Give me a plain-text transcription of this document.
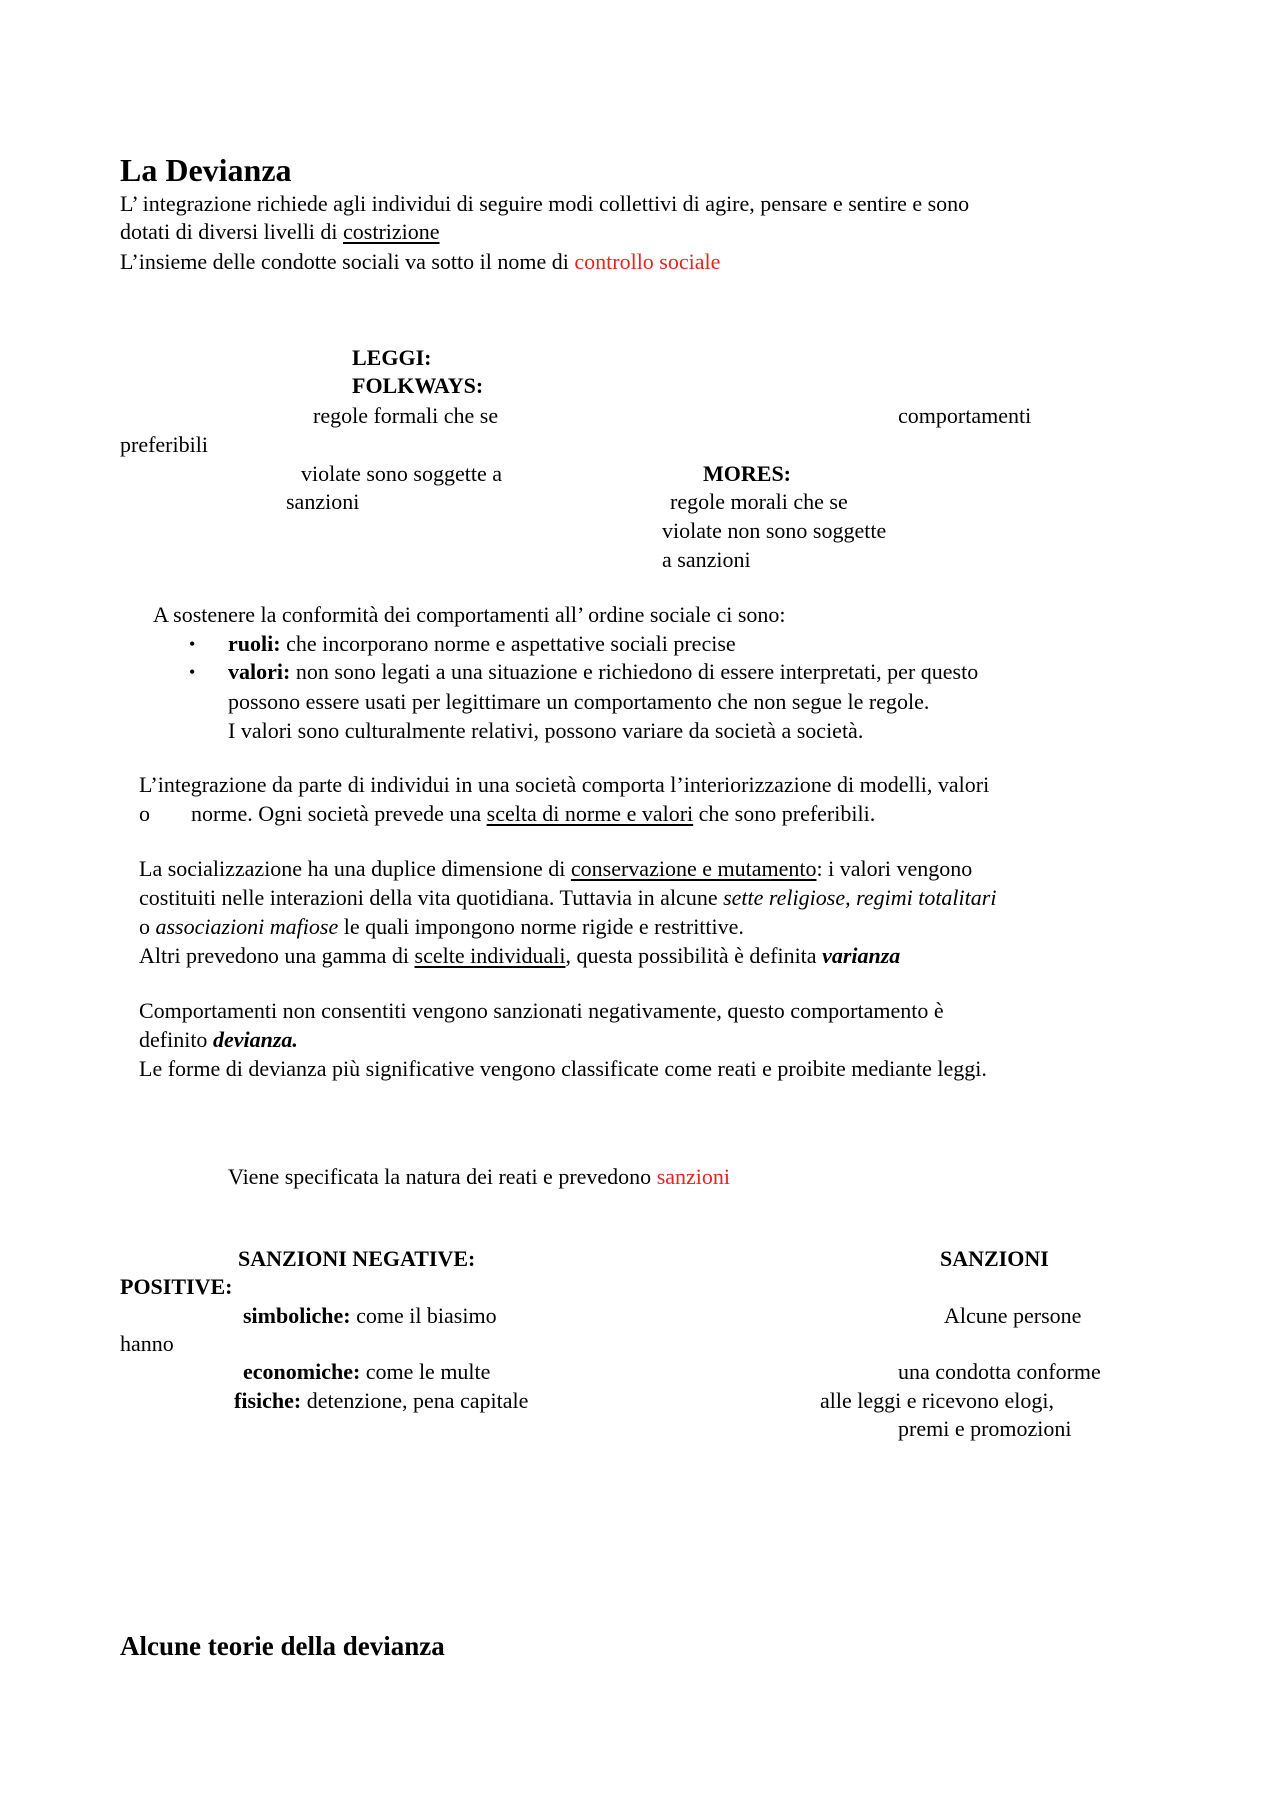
La Devianza
L’ integrazione richiede agli individui di seguire modi collettivi di agire, pensare e sentire e sono
dotati di diversi livelli di costrizione
L’insieme delle condotte sociali va sotto il nome di controllo sociale
LEGGI:
FOLKWAYS:
regole formali che se	comportamenti
preferibili
violate sono soggette a	MORES:
sanzioni	regole morali che se
violate non sono soggette
a sanzioni
A sostenere la conformità dei comportamenti all’ ordine sociale ci sono:
• ruoli: che incorporano norme e aspettative sociali precise
• valori: non sono legati a una situazione e richiedono di essere interpretati, per questo
possono essere usati per legittimare un comportamento che non segue le regole.
I valori sono culturalmente relativi, possono variare da società a società.
L’integrazione da parte di individui in una società comporta l’interiorizzazione di modelli, valori
o norme. Ogni società prevede una scelta di norme e valori che sono preferibili.
La socializzazione ha una duplice dimensione di conservazione e mutamento: i valori vengono
costituiti nelle interazioni della vita quotidiana. Tuttavia in alcune sette religiose, regimi totalitari
o associazioni mafiose le quali impongono norme rigide e restrittive.
Altri prevedono una gamma di scelte individuali, questa possibilità è definita varianza
Comportamenti non consentiti vengono sanzionati negativamente, questo comportamento è
definito devianza.
Le forme di devianza più significative vengono classificate come reati e proibite mediante leggi.
Viene specificata la natura dei reati e prevedono sanzioni
SANZIONI NEGATIVE:	SANZIONI
POSITIVE:
simboliche: come il biasimo	Alcune persone
hanno
economiche: come le multe	una condotta conforme
fisiche: detenzione, pena capitale	alle leggi e ricevono elogi,
premi e promozioni
Alcune teorie della devianza
